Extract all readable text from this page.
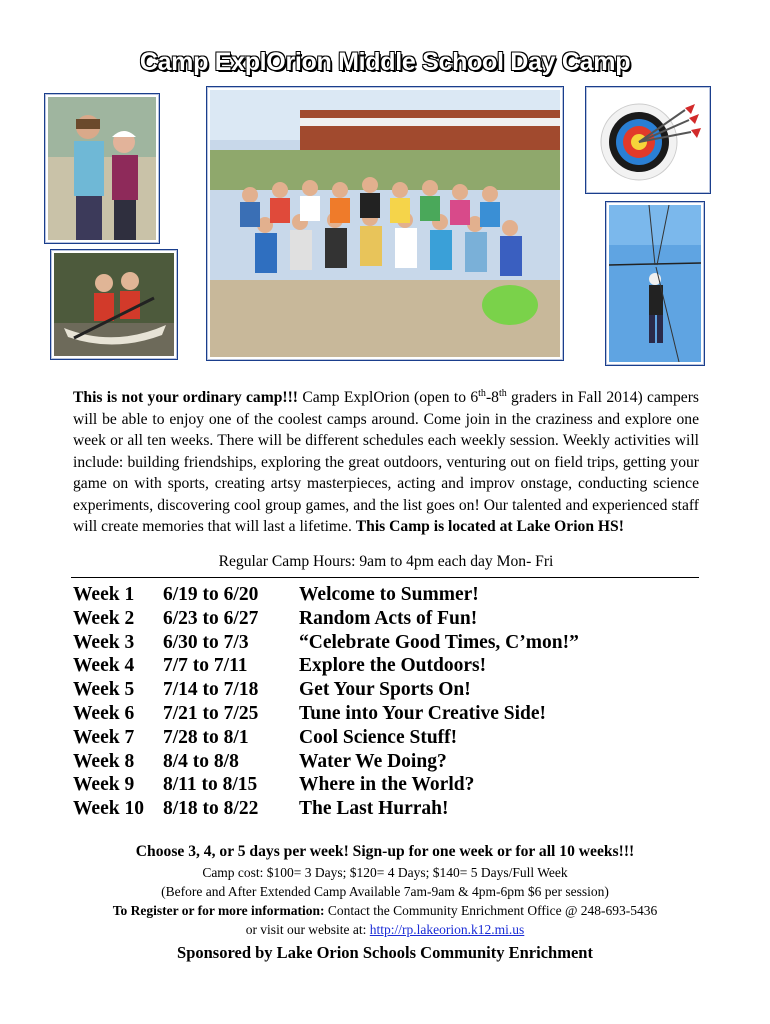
Camp ExplOrion Middle School Day Camp
This is not your ordinary camp!!! Camp ExplOrion (open to 6th-8th graders in Fall 2014) campers will be able to enjoy one of the coolest camps around. Come join in the craziness and explore one week or all ten weeks. There will be different schedules each weekly session. Weekly activities will include: building friendships, exploring the great outdoors, venturing out on field trips, getting your game on with sports, creating artsy masterpieces, acting and improv onstage, conducting science experiments, discovering cool group games, and the list goes on! Our talented and experienced staff will create memories that will last a lifetime. This Camp is located at Lake Orion HS!
Regular Camp Hours: 9am to 4pm each day Mon- Fri
Week 1	6/19 to 6/20	Welcome to Summer!
Week 2	6/23 to 6/27	Random Acts of Fun!
Week 3	6/30 to 7/3	“Celebrate Good Times, C’mon!”
Week 4	7/7 to 7/11	Explore the Outdoors!
Week 5	7/14 to 7/18	Get Your Sports On!
Week 6	7/21 to 7/25	Tune into Your Creative Side!
Week 7	7/28 to 8/1	Cool Science Stuff!
Week 8	8/4 to 8/8	Water We Doing?
Week 9	8/11 to 8/15	Where in the World?
Week 10 8/18 to 8/22	The Last Hurrah!
Choose 3, 4, or 5 days per week! Sign-up for one week or for all 10 weeks!!!
Camp cost: $100= 3 Days; $120= 4 Days; $140= 5 Days/Full Week
(Before and After Extended Camp Available 7am-9am & 4pm-6pm $6 per session)
To Register or for more information: Contact the Community Enrichment Office @ 248-693-5436
or visit our website at: http://rp.lakeorion.k12.mi.us
Sponsored by Lake Orion Schools Community Enrichment
